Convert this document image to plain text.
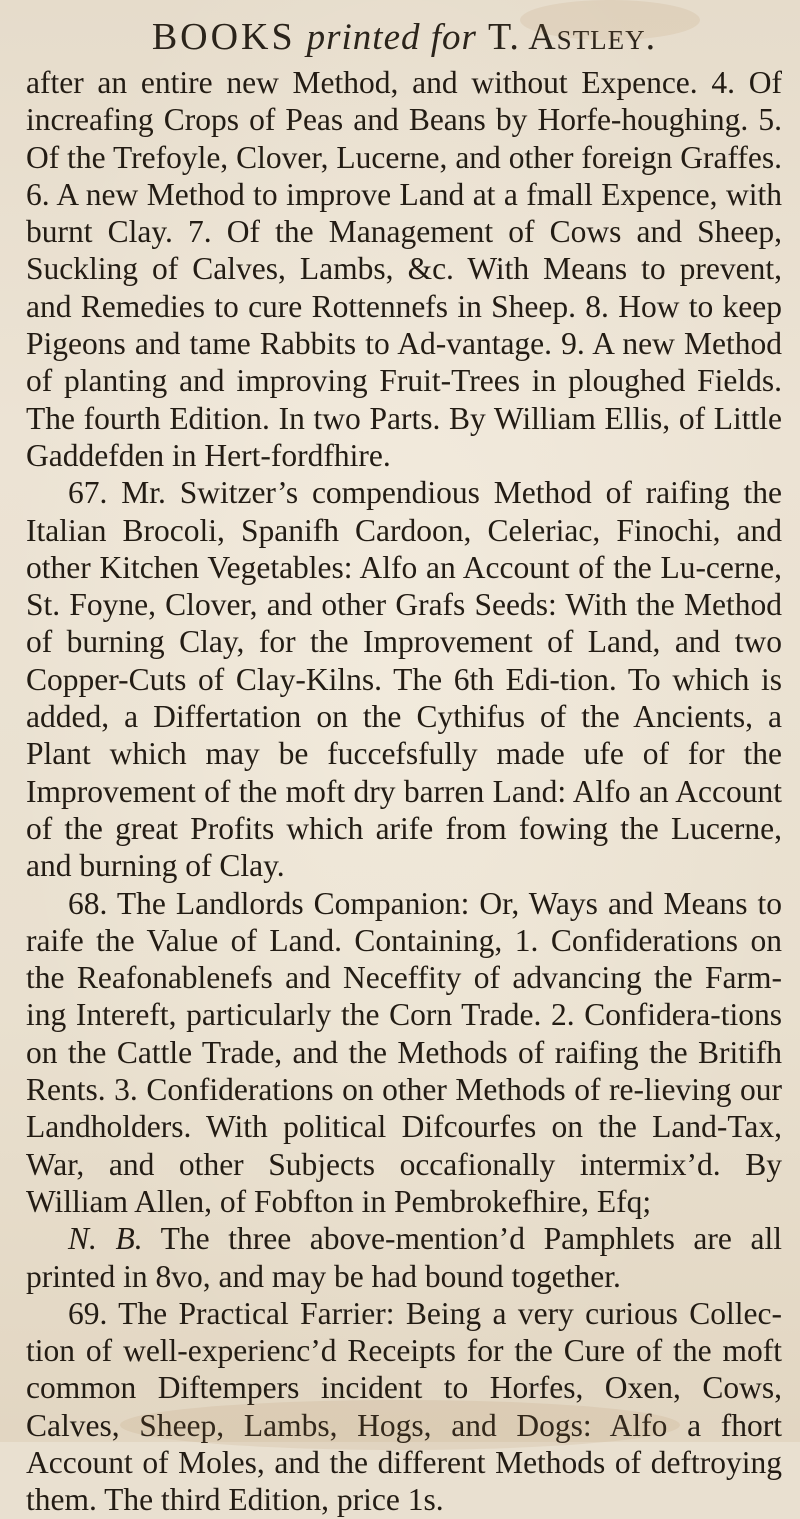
BOOKS printed for T. Astley.

after an entire new Method, and without Expence. 4. Of increafing Crops of Peas and Beans by Horfe-houghing. 5. Of the Trefoyle, Clover, Lucerne, and other foreign Graffes. 6. A new Method to improve Land at a fmall Expence, with burnt Clay. 7. Of the Management of Cows and Sheep, Suckling of Calves, Lambs, &c. With Means to prevent, and Remedies to cure Rottennefs in Sheep. 8. How to keep Pigeons and tame Rabbits to Ad-vantage. 9. A new Method of planting and improving Fruit-Trees in ploughed Fields. The fourth Edition. In two Parts. By William Ellis, of Little Gaddefden in Hert-fordfhire.

67. Mr. Switzer’s compendious Method of raifing the Italian Brocoli, Spanifh Cardoon, Celeriac, Finochi, and other Kitchen Vegetables: Alfo an Account of the Lu-cerne, St. Foyne, Clover, and other Grafs Seeds: With the Method of burning Clay, for the Improvement of Land, and two Copper-Cuts of Clay-Kilns. The 6th Edi-tion. To which is added, a Differtation on the Cythifus of the Ancients, a Plant which may be fuccefsfully made ufe of for the Improvement of the moft dry barren Land: Alfo an Account of the great Profits which arife from fowing the Lucerne, and burning of Clay.

68. The Landlords Companion: Or, Ways and Means to raife the Value of Land. Containing, 1. Confiderations on the Reafonablenefs and Neceffity of advancing the Farm-ing Intereft, particularly the Corn Trade. 2. Confidera-tions on the Cattle Trade, and the Methods of raifing the Britifh Rents. 3. Confiderations on other Methods of re-lieving our Landholders. With political Difcourfes on the Land-Tax, War, and other Subjects occafionally intermix’d. By William Allen, of Fobfton in Pembrokefhire, Efq;

N. B. The three above-mention’d Pamphlets are all printed in 8vo, and may be had bound together.

69. The Practical Farrier: Being a very curious Collec-tion of well-experienc’d Receipts for the Cure of the moft common Diftempers incident to Horfes, Oxen, Cows, Calves, Sheep, Lambs, Hogs, and Dogs: Alfo a fhort Account of Moles, and the different Methods of deftroying them. The third Edition, price 1s.
